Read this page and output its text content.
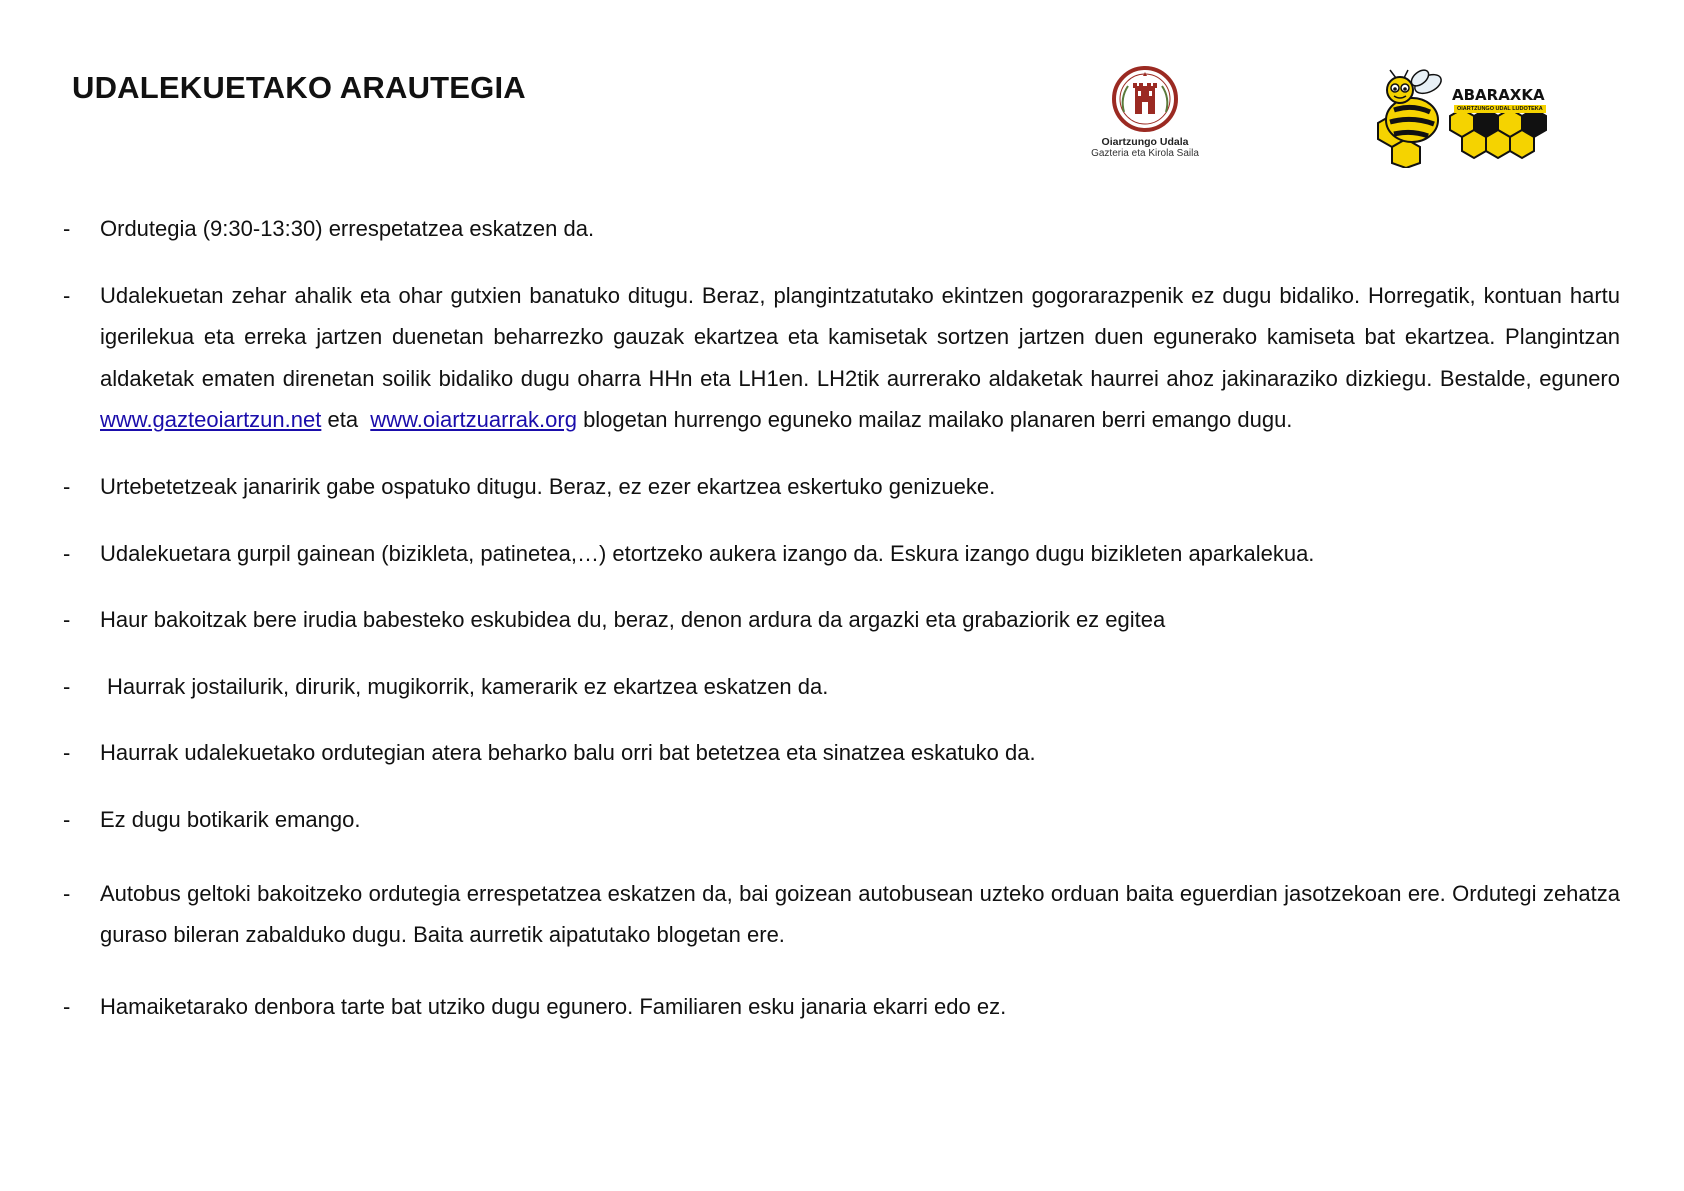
UDALEKUETAKO ARAUTEGIA
Oiartzungo Udala
Gazteria eta Kirola Saila
ABARAXKA
OIARTZUNGO UDAL LUDOTEKA
- Ordutegia (9:30-13:30) errespetatzea eskatzen da.
- Udalekuetan zehar ahalik eta ohar gutxien banatuko ditugu. Beraz, plangintzatutako ekintzen gogorarazpenik ez dugu bidaliko. Horregatik, kontuan hartu igerilekua eta erreka jartzen duenetan beharrezko gauzak ekartzea eta kamisetak sortzen jartzen duen egunerako kamiseta bat ekartzea. Plangintzan aldaketak ematen direnetan soilik bidaliko dugu oharra HHn eta LH1en. LH2tik aurrerako aldaketak haurrei ahoz jakinaraziko dizkiegu. Bestalde, egunero www.gazteoiartzun.net eta www.oiartzuarrak.org blogetan hurrengo eguneko mailaz mailako planaren berri emango dugu.
- Urtebetetzeak janaririk gabe ospatuko ditugu. Beraz, ez ezer ekartzea eskertuko genizueke.
- Udalekuetara gurpil gainean (bizikleta, patinetea,…) etortzeko aukera izango da. Eskura izango dugu bizikleten aparkalekua.
- Haur bakoitzak bere irudia babesteko eskubidea du, beraz, denon ardura da argazki eta grabaziorik ez egitea
-	Haurrak jostailurik, dirurik, mugikorrik, kamerarik ez ekartzea eskatzen da.
- Haurrak udalekuetako ordutegian atera beharko balu orri bat betetzea eta sinatzea eskatuko da.
- Ez dugu botikarik emango.
- Autobus geltoki bakoitzeko ordutegia errespetatzea eskatzen da, bai goizean autobusean uzteko orduan baita eguerdian jasotzekoan ere. Ordutegi zehatza guraso bileran zabalduko dugu. Baita aurretik aipatutako blogetan ere.
- Hamaiketarako denbora tarte bat utziko dugu egunero. Familiaren esku janaria ekarri edo ez.
